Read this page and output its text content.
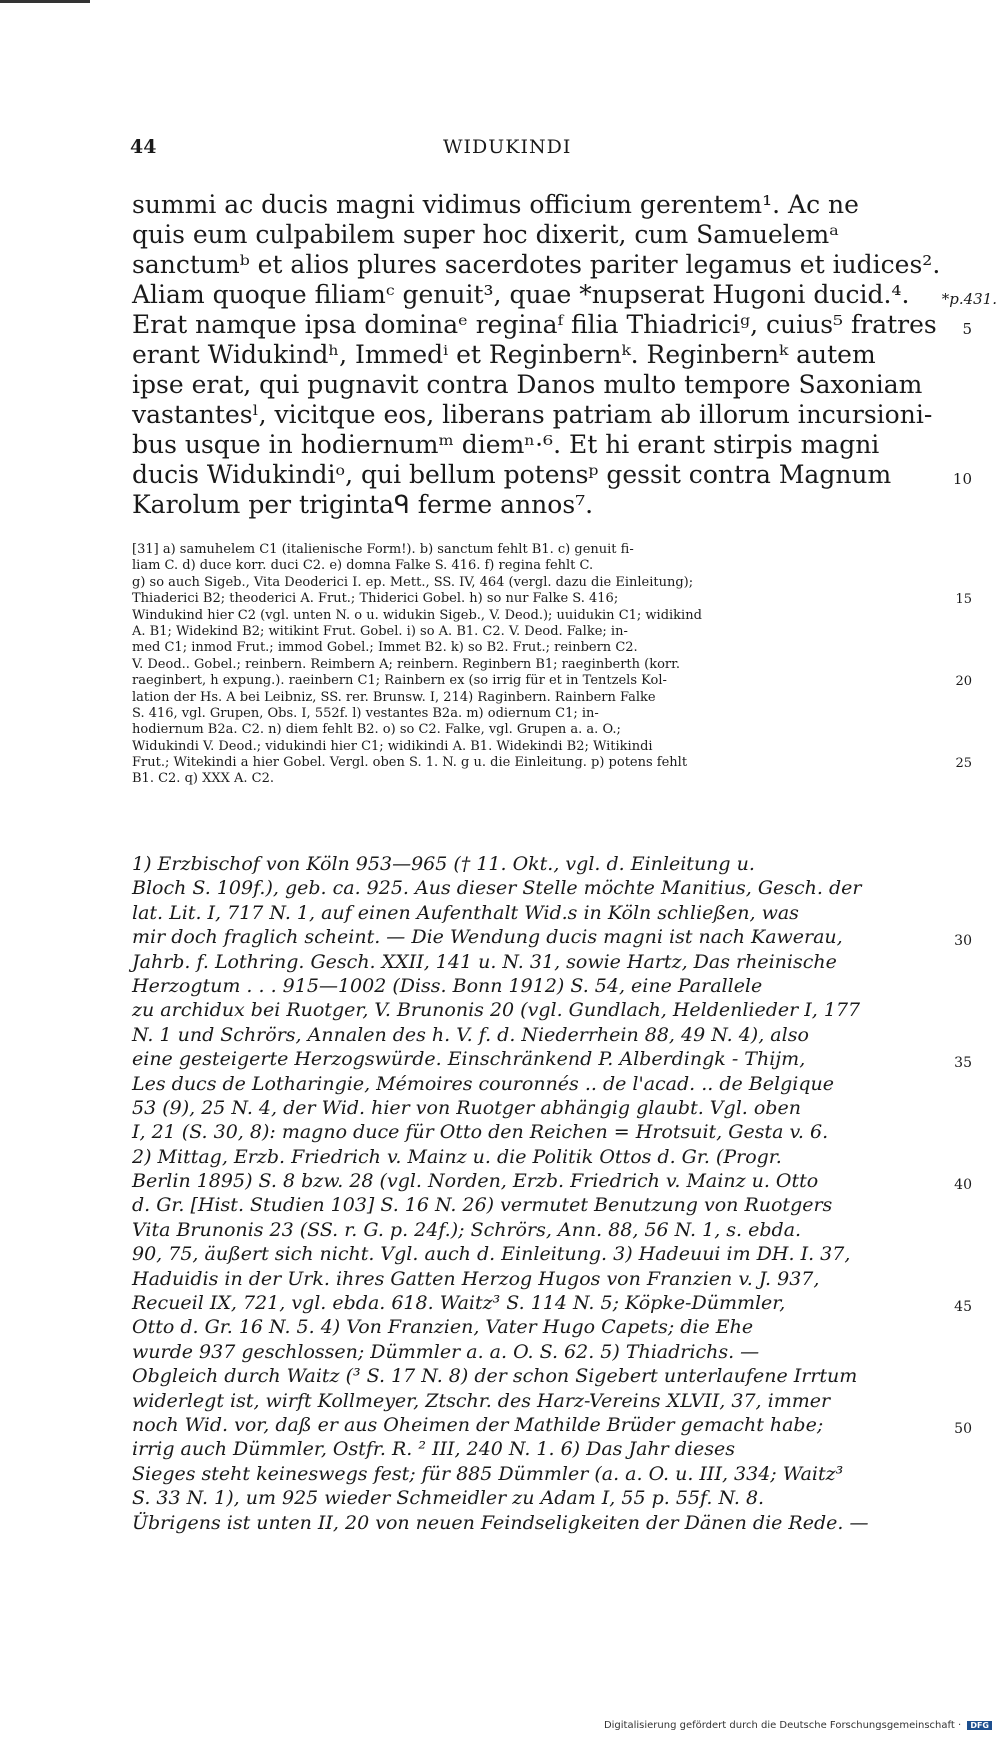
44	WIDUKINDI
summi ac ducis magni vidimus officium gerentem¹. Ac ne
quis eum culpabilem super hoc dixerit, cum Samuelemᵃ
sanctumᵇ et alios plures sacerdotes pariter legamus et iudices².
Aliam quoque filiamᶜ genuit³, quae *nupserat Hugoni ducid.⁴. *p.431.
Erat namque ipsa dominaᵉ reginaᶠ filia Thiadriciᵍ, cuius⁵ fratres 5
erant Widukindʰ, Immedⁱ et Reginbernᵏ. Reginbernᵏ autem
ipse erat, qui pugnavit contra Danos multo tempore Saxoniam
vastantesˡ, vicitque eos, liberans patriam ab illorum incursioni-
bus usque in hodiernumᵐ diemⁿ·⁶. Et hi erant stirpis magni
ducis Widukindiᵒ, qui bellum potensᵖ gessit contra Magnum	10
Karolum per trigintaᑫ ferme annos⁷.
[31] a) samuhelem C1 (italienische Form!). b) sanctum fehlt B1. c) genuit fi-
liam C. d) duce korr. duci C2. e) domna Falke S. 416. f) regina fehlt C.
g) so auch Sigeb., Vita Deoderici I. ep. Mett., SS. IV, 464 (vergl. dazu die Einleitung);
Thiaderici B2; theoderici A. Frut.; Thiderici Gobel. h) so nur Falke S. 416;	15
Windukind hier C2 (vgl. unten N. o u. widukin Sigeb., V. Deod.); uuidukin C1; widikind
A. B1; Widekind B2; witikint Frut. Gobel. i) so A. B1. C2. V. Deod. Falke; in-
med C1; inmod Frut.; immod Gobel.; Immet B2. k) so B2. Frut.; reinbern C2.
V. Deod.. Gobel.; reinbern. Reimbern A; reinbern. Reginbern B1; raeginberth (korr.
raeginbert, h expung.). raeinbern C1; Rainbern ex (so irrig für et in Tentzels Kol-	20
lation der Hs. A bei Leibniz, SS. rer. Brunsw. I, 214) Raginbern. Rainbern Falke
S. 416, vgl. Grupen, Obs. I, 552f. l) vestantes B2a. m) odiernum C1; in-
hodiernum B2a. C2. n) diem fehlt B2. o) so C2. Falke, vgl. Grupen a. a. O.;
Widukindi V. Deod.; vidukindi hier C1; widikindi A. B1. Widekindi B2; Witikindi
Frut.; Witekindi a hier Gobel. Vergl. oben S. 1. N. g u. die Einleitung. p) potens fehlt	25
B1. C2. q) XXX A. C2.
1) Erzbischof von Köln 953—965 († 11. Okt., vgl. d. Einleitung u.
Bloch S. 109f.), geb. ca. 925. Aus dieser Stelle möchte Manitius, Gesch. der
lat. Lit. I, 717 N. 1, auf einen Aufenthalt Wid.s in Köln schließen, was
mir doch fraglich scheint. — Die Wendung ducis magni ist nach Kawerau,	30
Jahrb. f. Lothring. Gesch. XXII, 141 u. N. 31, sowie Hartz, Das rheinische
Herzogtum . . . 915—1002 (Diss. Bonn 1912) S. 54, eine Parallele
zu archidux bei Ruotger, V. Brunonis 20 (vgl. Gundlach, Heldenlieder I, 177
N. 1 und Schrörs, Annalen des h. V. f. d. Niederrhein 88, 49 N. 4), also
eine gesteigerte Herzogswürde. Einschränkend P. Alberdingk - Thijm,	35
Les ducs de Lotharingie, Mémoires couronnés .. de l'acad. .. de Belgique
53 (9), 25 N. 4, der Wid. hier von Ruotger abhängig glaubt. Vgl. oben
I, 21 (S. 30, 8): magno duce für Otto den Reichen = Hrotsuit, Gesta v. 6.
2) Mittag, Erzb. Friedrich v. Mainz u. die Politik Ottos d. Gr. (Progr.
Berlin 1895) S. 8 bzw. 28 (vgl. Norden, Erzb. Friedrich v. Mainz u. Otto	40
d. Gr. [Hist. Studien 103] S. 16 N. 26) vermutet Benutzung von Ruotgers
Vita Brunonis 23 (SS. r. G. p. 24f.); Schrörs, Ann. 88, 56 N. 1, s. ebda.
90, 75, äußert sich nicht. Vgl. auch d. Einleitung. 3) Hadeuui im DH. I. 37,
Haduidis in der Urk. ihres Gatten Herzog Hugos von Franzien v. J. 937,
Recueil IX, 721, vgl. ebda. 618. Waitz³ S. 114 N. 5; Köpke-Dümmler,	45
Otto d. Gr. 16 N. 5. 4) Von Franzien, Vater Hugo Capets; die Ehe
wurde 937 geschlossen; Dümmler a. a. O. S. 62. 5) Thiadrichs. —
Obgleich durch Waitz (³ S. 17 N. 8) der schon Sigebert unterlaufene Irrtum
widerlegt ist, wirft Kollmeyer, Ztschr. des Harz-Vereins XLVII, 37, immer
noch Wid. vor, daß er aus Oheimen der Mathilde Brüder gemacht habe;	50
irrig auch Dümmler, Ostfr. R. ² III, 240 N. 1. 6) Das Jahr dieses
Sieges steht keineswegs fest; für 885 Dümmler (a. a. O. u. III, 334; Waitz³
S. 33 N. 1), um 925 wieder Schmeidler zu Adam I, 55 p. 55f. N. 8.
Übrigens ist unten II, 20 von neuen Feindseligkeiten der Dänen die Rede. —
Digitalisierung gefördert durch die Deutsche Forschungsgemeinschaft · DFG
